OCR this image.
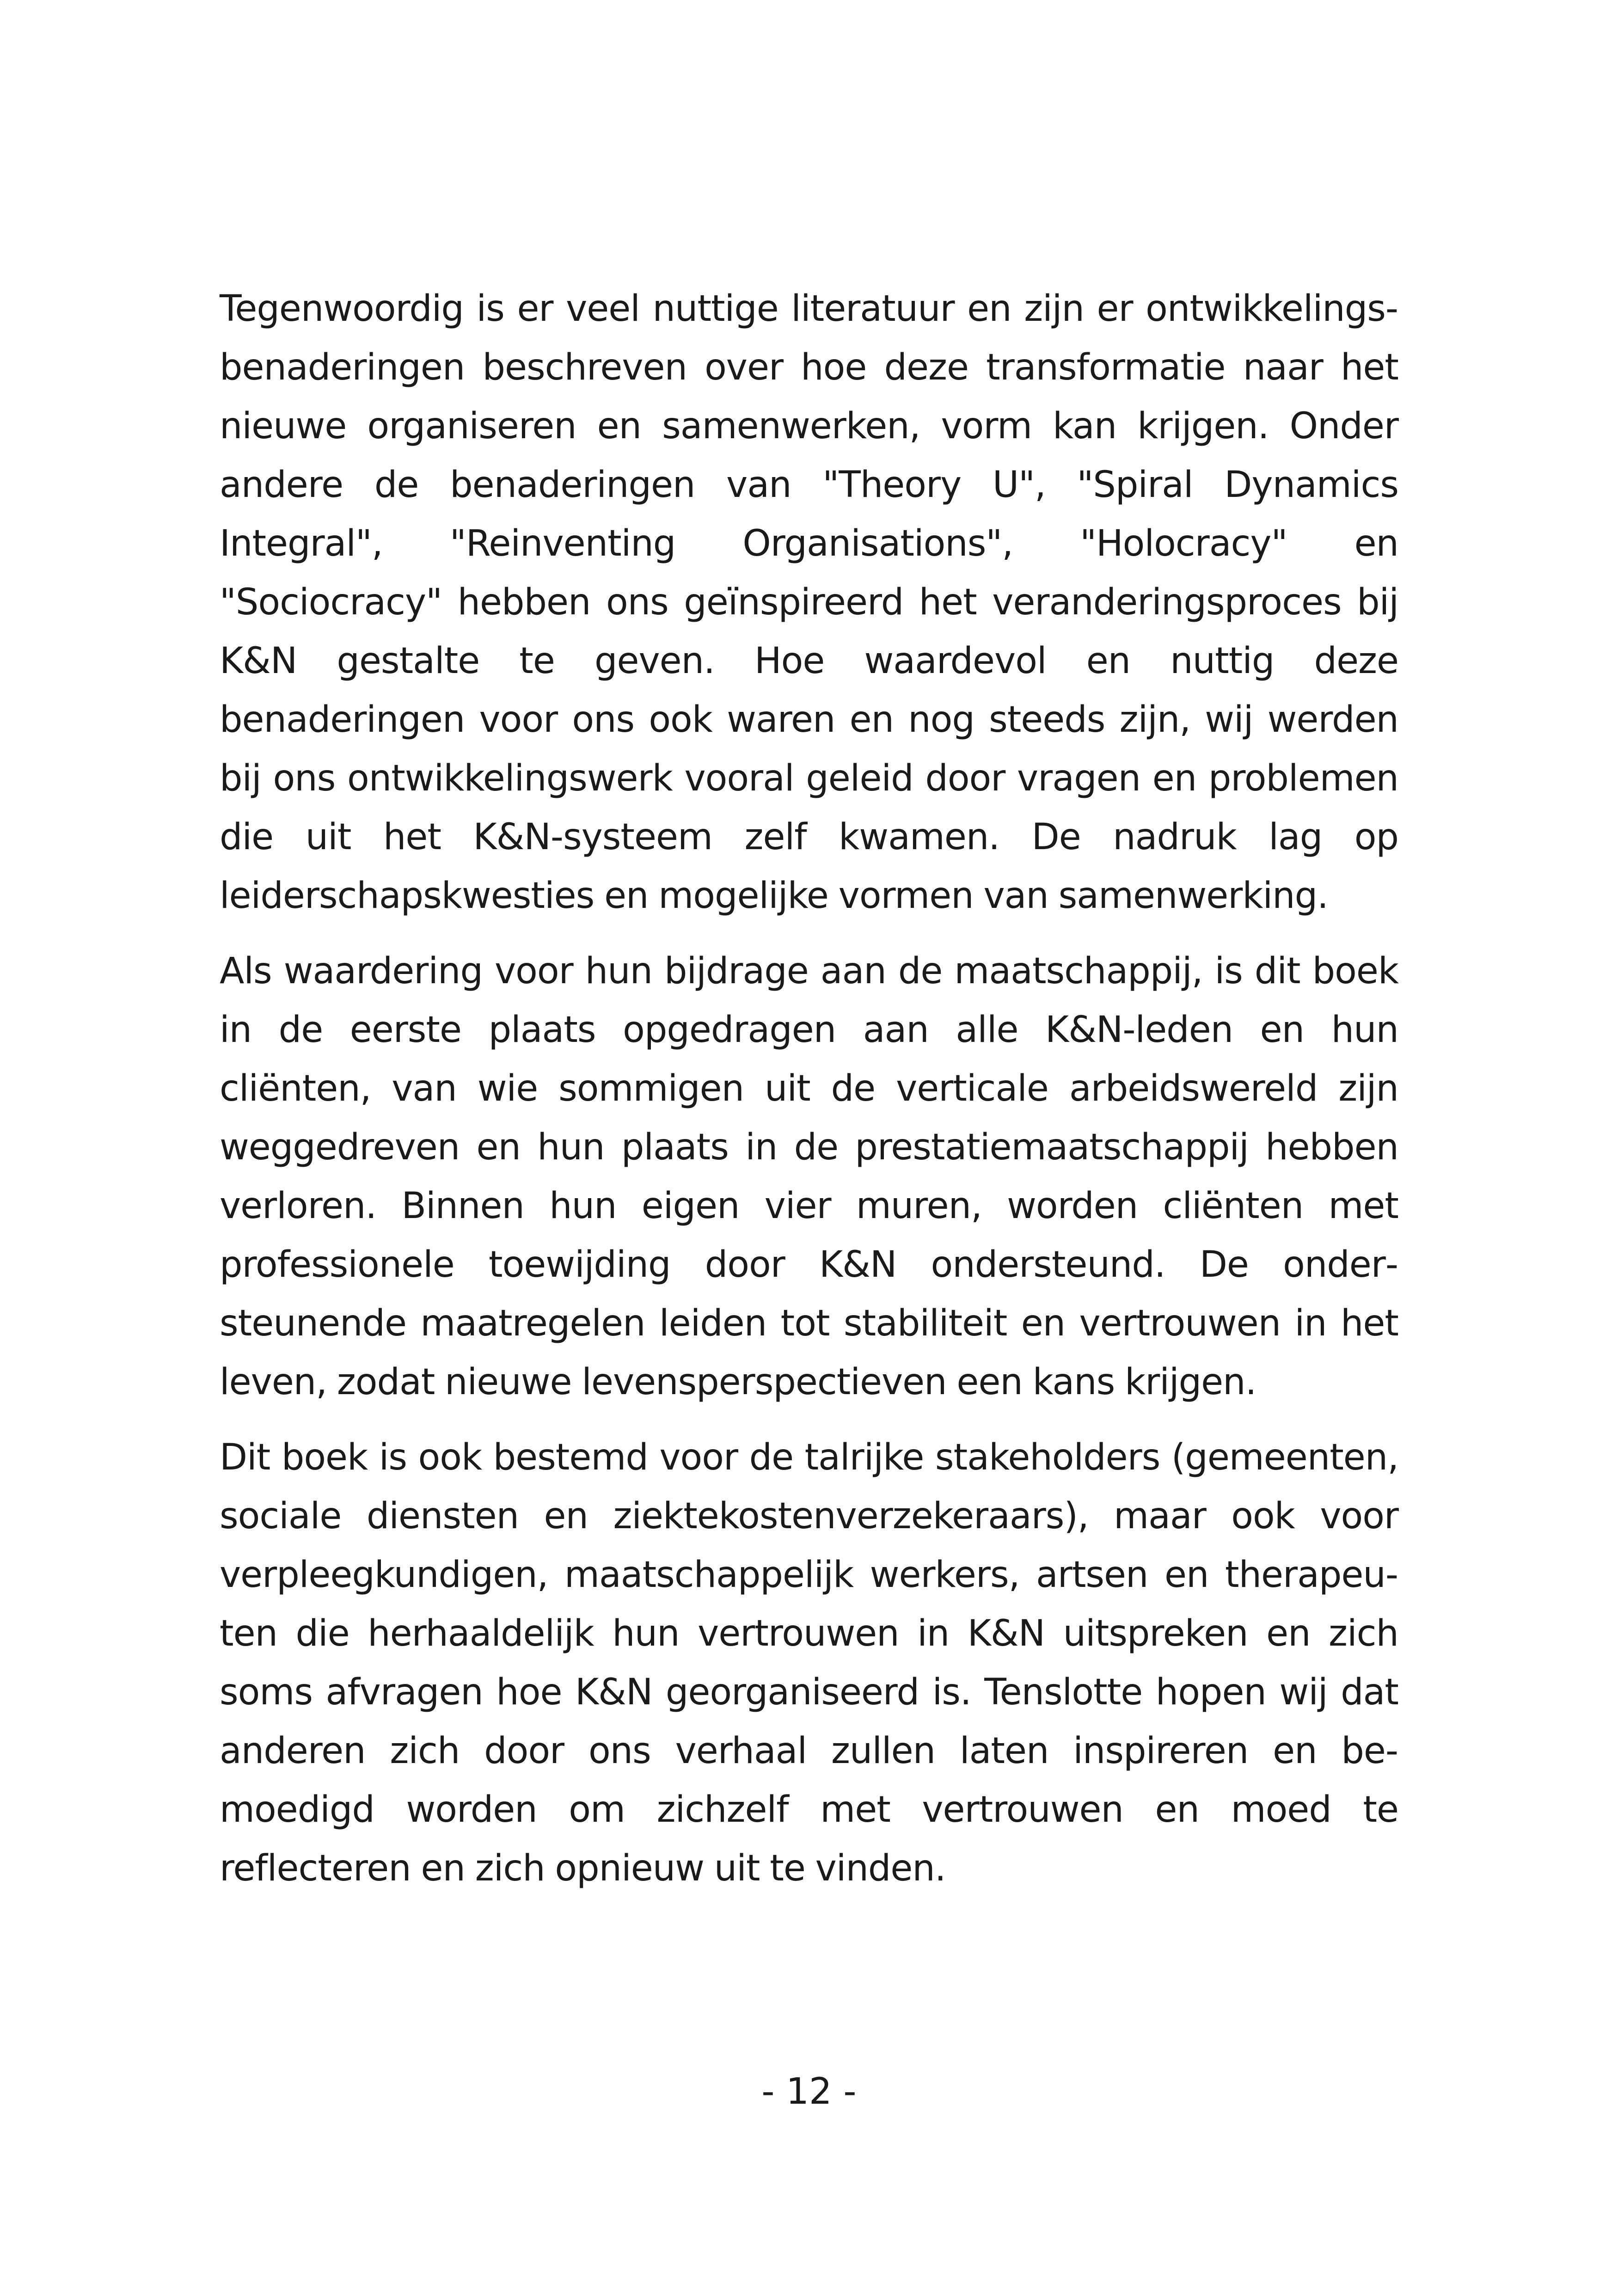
Tegenwoordig is er veel nuttige literatuur en zijn er ontwikkelingsbenaderingen beschreven over hoe deze transformatie naar het nieuwe organiseren en samenwerken, vorm kan krijgen. Onder andere de benaderingen van "Theory U", "Spiral Dynamics Integral", "Reinventing Organisations", "Holocracy" en "Sociocracy" hebben ons geïnspireerd het veranderingsproces bij K&N gestalte te geven. Hoe waardevol en nuttig deze benaderingen voor ons ook waren en nog steeds zijn, wij werden bij ons ontwikkelingswerk vooral geleid door vragen en problemen die uit het K&N-systeem zelf kwamen. De nadruk lag op leiderschapskwesties en mogelijke vormen van samenwerking.

Als waardering voor hun bijdrage aan de maatschappij, is dit boek in de eerste plaats opgedragen aan alle K&N-leden en hun cliënten, van wie sommigen uit de verticale arbeidswereld zijn weggedreven en hun plaats in de prestatiemaatschappij hebben verloren. Binnen hun eigen vier muren, worden cliënten met professionele toewijding door K&N ondersteund. De ondersteunende maatregelen leiden tot stabiliteit en vertrouwen in het leven, zodat nieuwe levensperspectieven een kans krijgen.

Dit boek is ook bestemd voor de talrijke stakeholders (gemeenten, sociale diensten en ziektekostenverzekeraars), maar ook voor verpleegkundigen, maatschappelijk werkers, artsen en therapeuten die herhaaldelijk hun vertrouwen in K&N uitspreken en zich soms afvragen hoe K&N georganiseerd is. Tenslotte hopen wij dat anderen zich door ons verhaal zullen laten inspireren en bemoedigd worden om zichzelf met vertrouwen en moed te reflecteren en zich opnieuw uit te vinden.

- 12 -
